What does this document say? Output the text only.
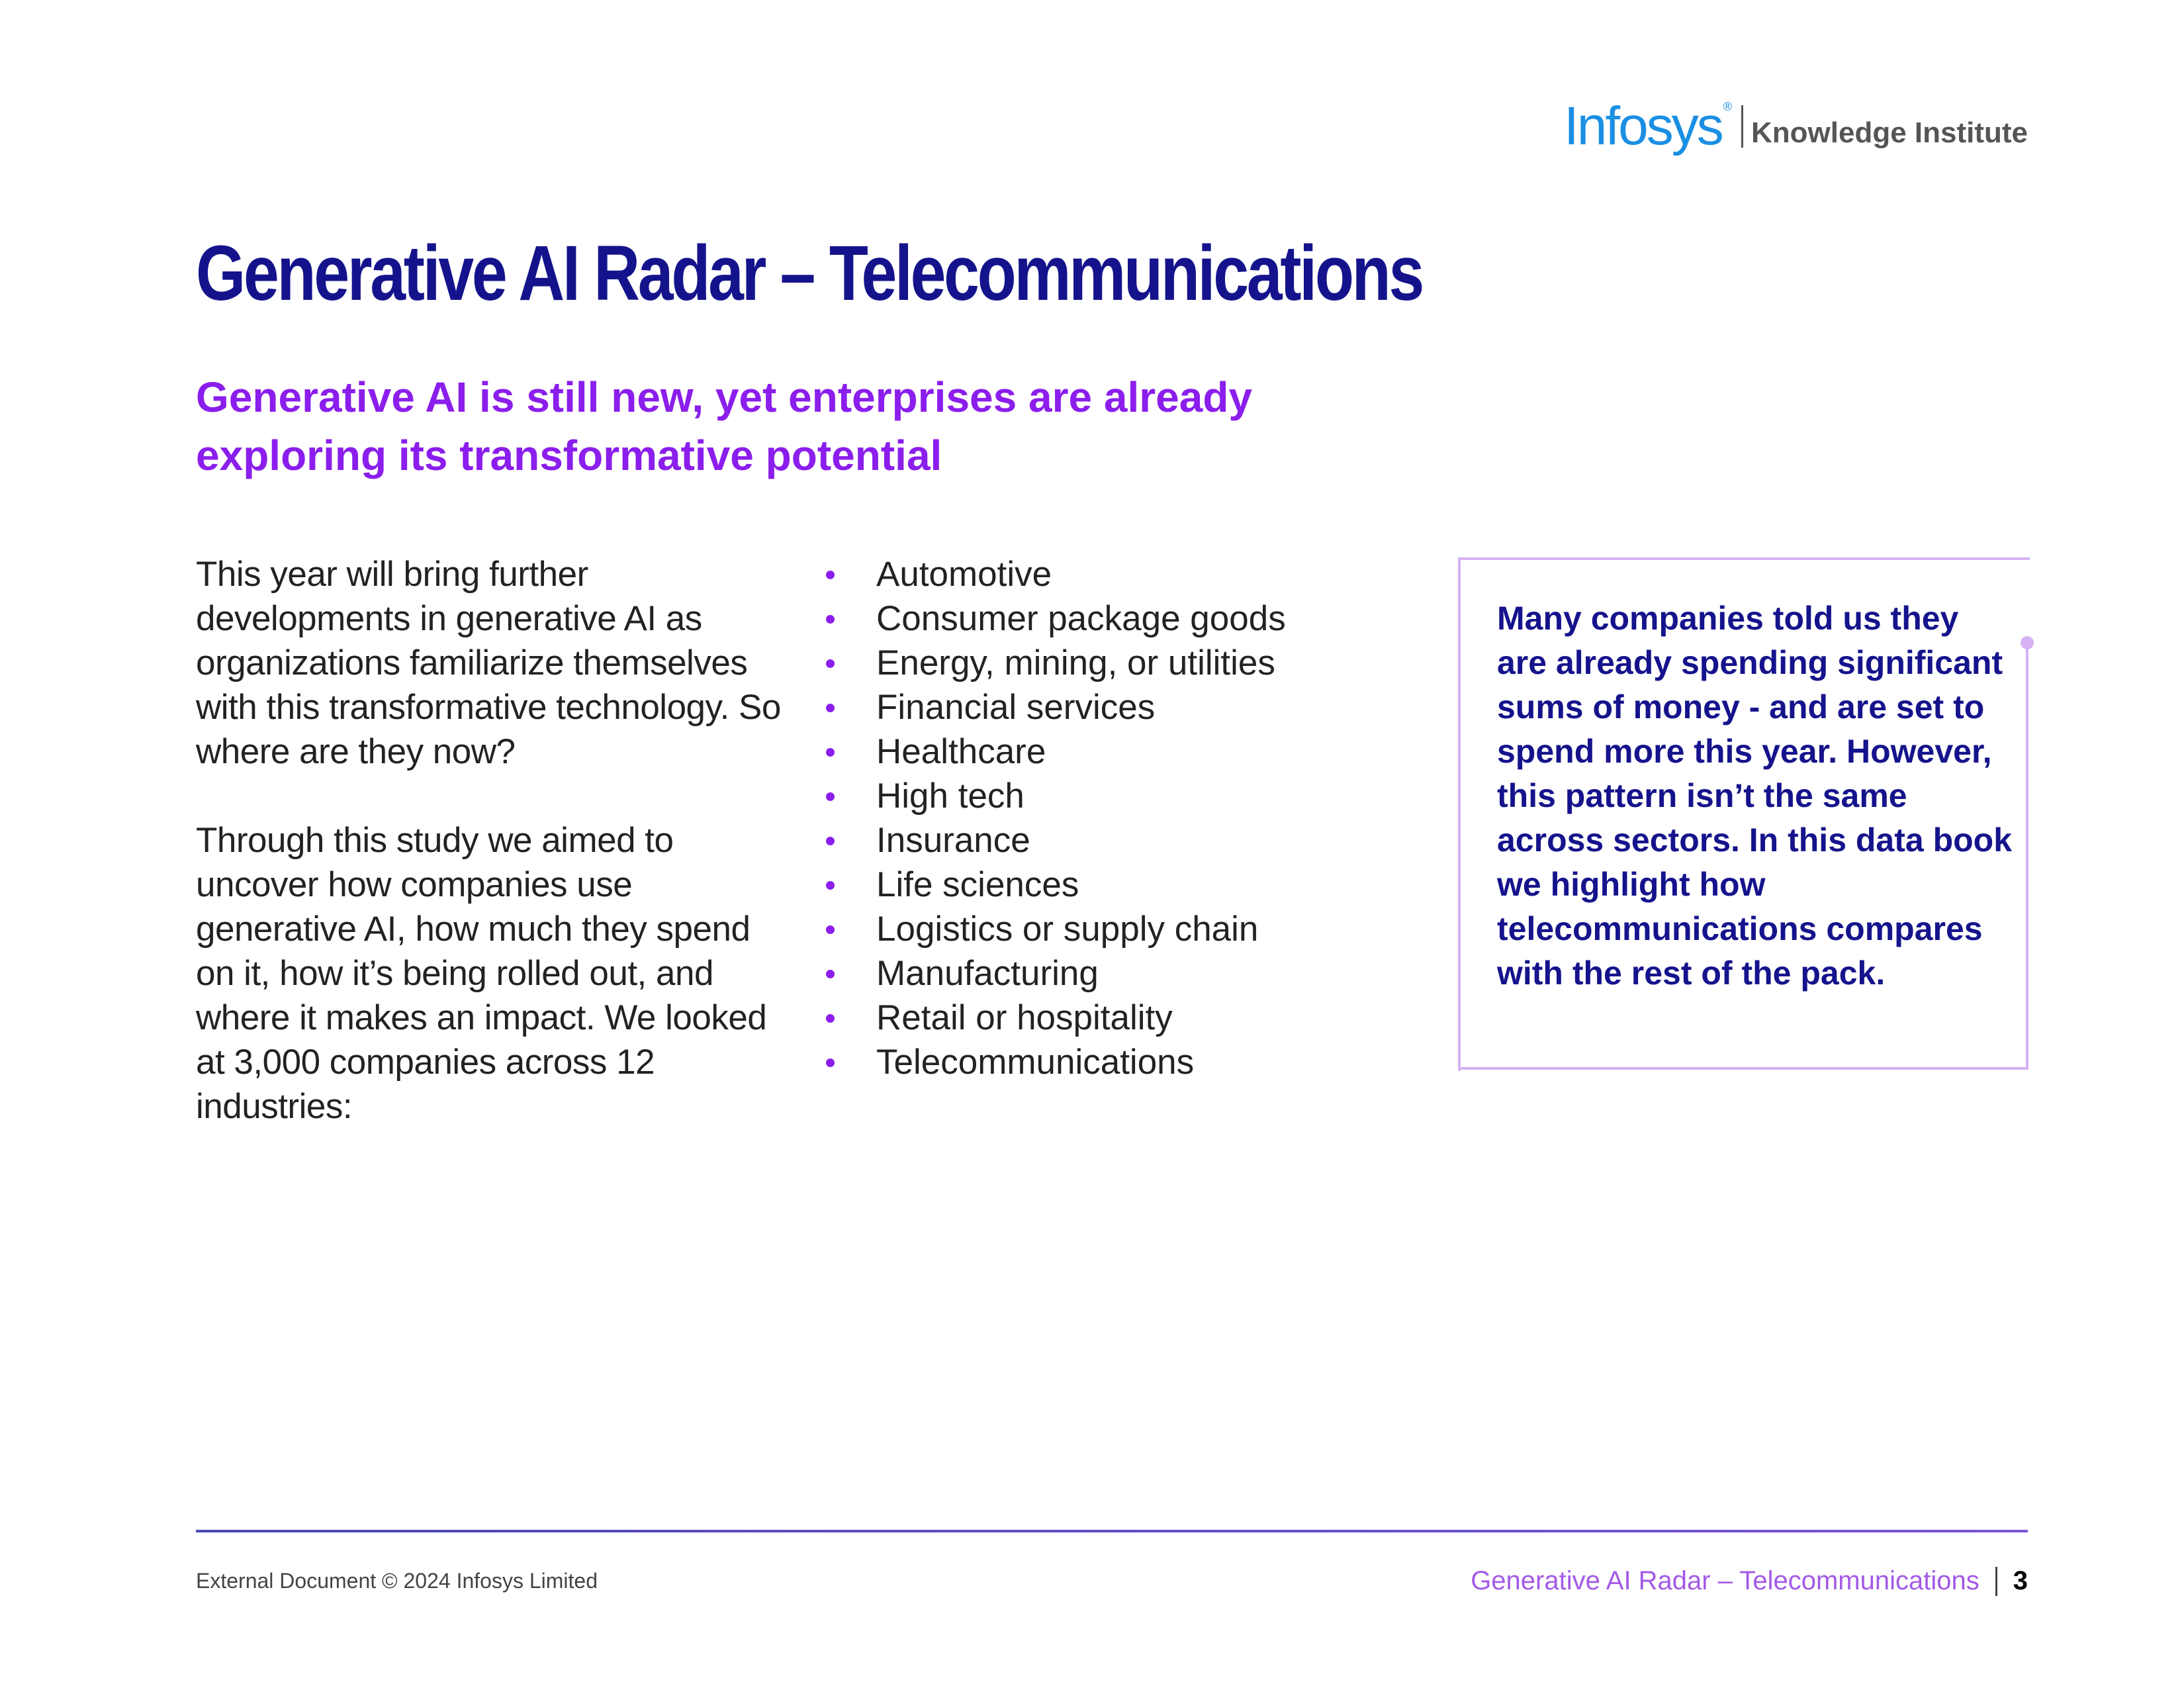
Infosys ®
Knowledge Institute
Generative AI Radar – Telecommunications
Generative AI is still new, yet enterprises are already exploring its transformative potential

This year will bring further developments in generative AI as organizations familiarize themselves with this transformative technology. So where are they now?

Through this study we aimed to uncover how companies use generative AI, how much they spend on it, how it’s being rolled out, and where it makes an impact. We looked at 3,000 companies across 12 industries:

Automotive
Consumer package goods
Energy, mining, or utilities
Financial services
Healthcare
High tech
Insurance
Life sciences
Logistics or supply chain
Manufacturing
Retail or hospitality
Telecommunications

Many companies told us they are already spending significant sums of money - and are set to spend more this year. However, this pattern isn’t the same across sectors. In this data book we highlight how telecommunications compares with the rest of the pack.

External Document © 2024 Infosys Limited	Generative AI Radar – Telecommunications 3
